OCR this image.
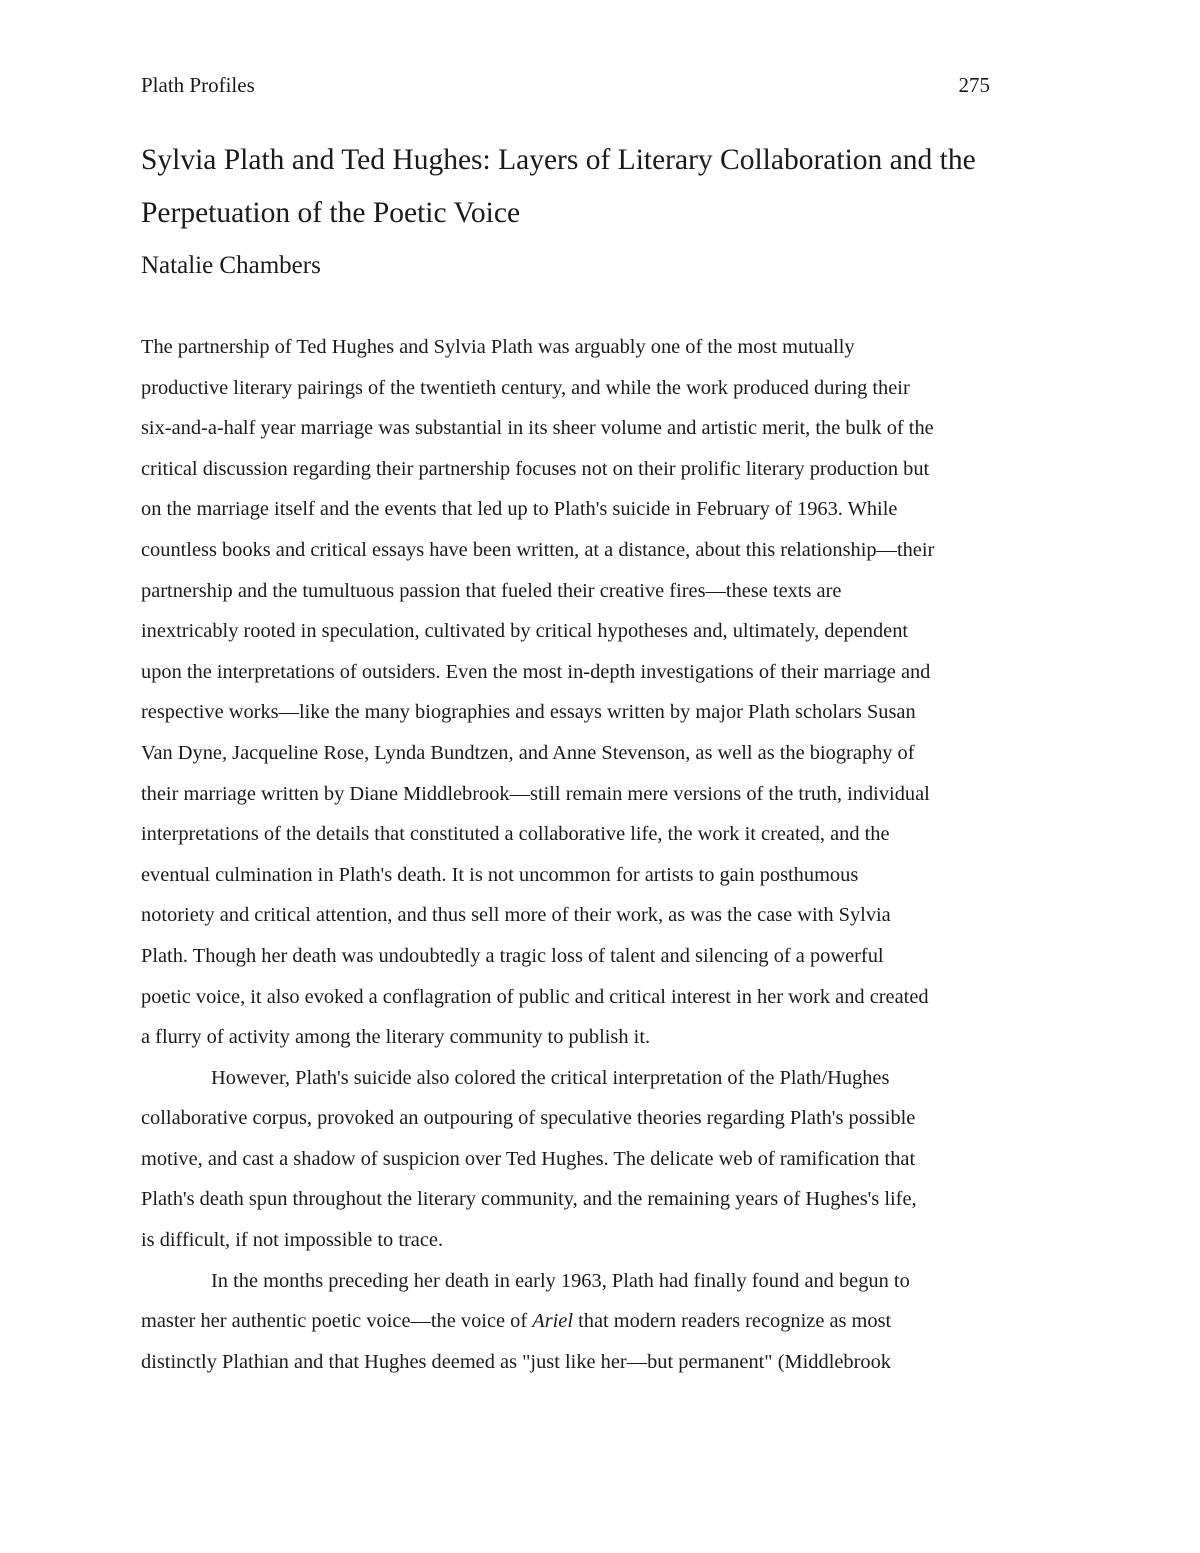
Plath Profiles	275
Sylvia Plath and Ted Hughes: Layers of Literary Collaboration and the
Perpetuation of the Poetic Voice
Natalie Chambers
The partnership of Ted Hughes and Sylvia Plath was arguably one of the most mutually
productive literary pairings of the twentieth century, and while the work produced during their
six-and-a-half year marriage was substantial in its sheer volume and artistic merit, the bulk of the
critical discussion regarding their partnership focuses not on their prolific literary production but
on the marriage itself and the events that led up to Plath's suicide in February of 1963. While
countless books and critical essays have been written, at a distance, about this relationship—their
partnership and the tumultuous passion that fueled their creative fires—these texts are
inextricably rooted in speculation, cultivated by critical hypotheses and, ultimately, dependent
upon the interpretations of outsiders. Even the most in-depth investigations of their marriage and
respective works—like the many biographies and essays written by major Plath scholars Susan
Van Dyne, Jacqueline Rose, Lynda Bundtzen, and Anne Stevenson, as well as the biography of
their marriage written by Diane Middlebrook—still remain mere versions of the truth, individual
interpretations of the details that constituted a collaborative life, the work it created, and the
eventual culmination in Plath's death. It is not uncommon for artists to gain posthumous
notoriety and critical attention, and thus sell more of their work, as was the case with Sylvia
Plath. Though her death was undoubtedly a tragic loss of talent and silencing of a powerful
poetic voice, it also evoked a conflagration of public and critical interest in her work and created
a flurry of activity among the literary community to publish it.
However, Plath's suicide also colored the critical interpretation of the Plath/Hughes
collaborative corpus, provoked an outpouring of speculative theories regarding Plath's possible
motive, and cast a shadow of suspicion over Ted Hughes. The delicate web of ramification that
Plath's death spun throughout the literary community, and the remaining years of Hughes's life,
is difficult, if not impossible to trace.
In the months preceding her death in early 1963, Plath had finally found and begun to
master her authentic poetic voice—the voice of Ariel that modern readers recognize as most
distinctly Plathian and that Hughes deemed as "just like her—but permanent" (Middlebrook
